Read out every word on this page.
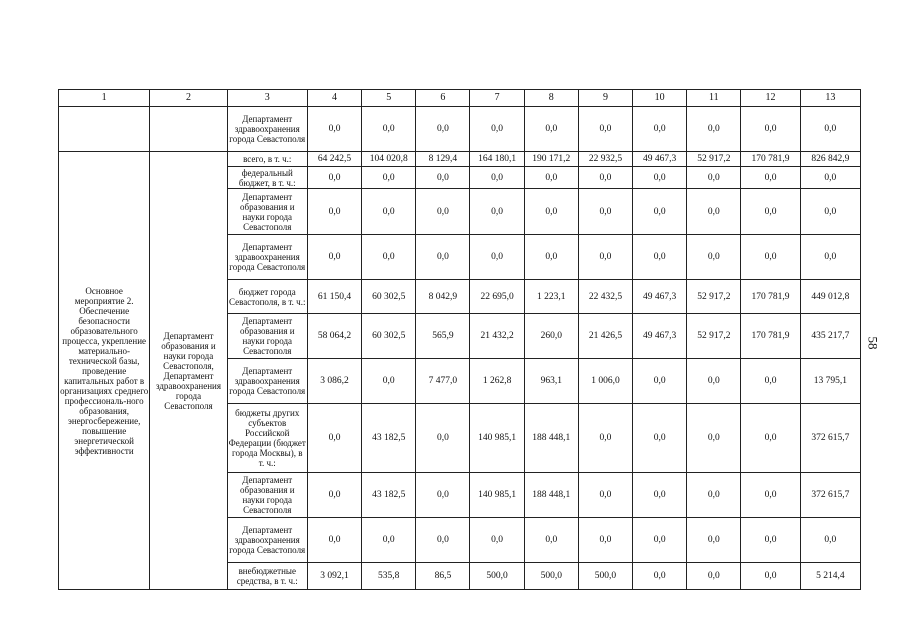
1	2	3	4	5	6	7	8	9	10	11	12	13
		Департамент здравоохранения города Севастополя	0,0	0,0	0,0	0,0	0,0	0,0	0,0	0,0	0,0	0,0
Основное мероприятие 2. Обеспечение безопасности образовательного процесса, укрепление материально-технической базы, проведение капитальных работ в организациях среднего профессиональ-ного образования, энергосбережение, повышение энергетической эффективности	Департамент образования и науки города Севастополя, Департамент здравоохранения города Севастополя	всего, в т. ч.:	64 242,5	104 020,8	8 129,4	164 180,1	190 171,2	22 932,5	49 467,3	52 917,2	170 781,9	826 842,9
		федеральный бюджет, в т. ч.:	0,0	0,0	0,0	0,0	0,0	0,0	0,0	0,0	0,0	0,0
		Департамент образования и науки города Севастополя	0,0	0,0	0,0	0,0	0,0	0,0	0,0	0,0	0,0	0,0
		Департамент здравоохранения города Севастополя	0,0	0,0	0,0	0,0	0,0	0,0	0,0	0,0	0,0	0,0
		бюджет города Севастополя, в т. ч.:	61 150,4	60 302,5	8 042,9	22 695,0	1 223,1	22 432,5	49 467,3	52 917,2	170 781,9	449 012,8
		Департамент образования и науки города Севастополя	58 064,2	60 302,5	565,9	21 432,2	260,0	21 426,5	49 467,3	52 917,2	170 781,9	435 217,7
		Департамент здравоохранения города Севастополя	3 086,2	0,0	7 477,0	1 262,8	963,1	1 006,0	0,0	0,0	0,0	13 795,1
		бюджеты других субъектов Российской Федерации (бюджет города Москвы), в т. ч.:	0,0	43 182,5	0,0	140 985,1	188 448,1	0,0	0,0	0,0	0,0	372 615,7
		Департамент образования и науки города Севастополя	0,0	43 182,5	0,0	140 985,1	188 448,1	0,0	0,0	0,0	0,0	372 615,7
		Департамент здравоохранения города Севастополя	0,0	0,0	0,0	0,0	0,0	0,0	0,0	0,0	0,0	0,0
		внебюджетные средства, в т. ч.:	3 092,1	535,8	86,5	500,0	500,0	500,0	0,0	0,0	0,0	5 214,4
58
